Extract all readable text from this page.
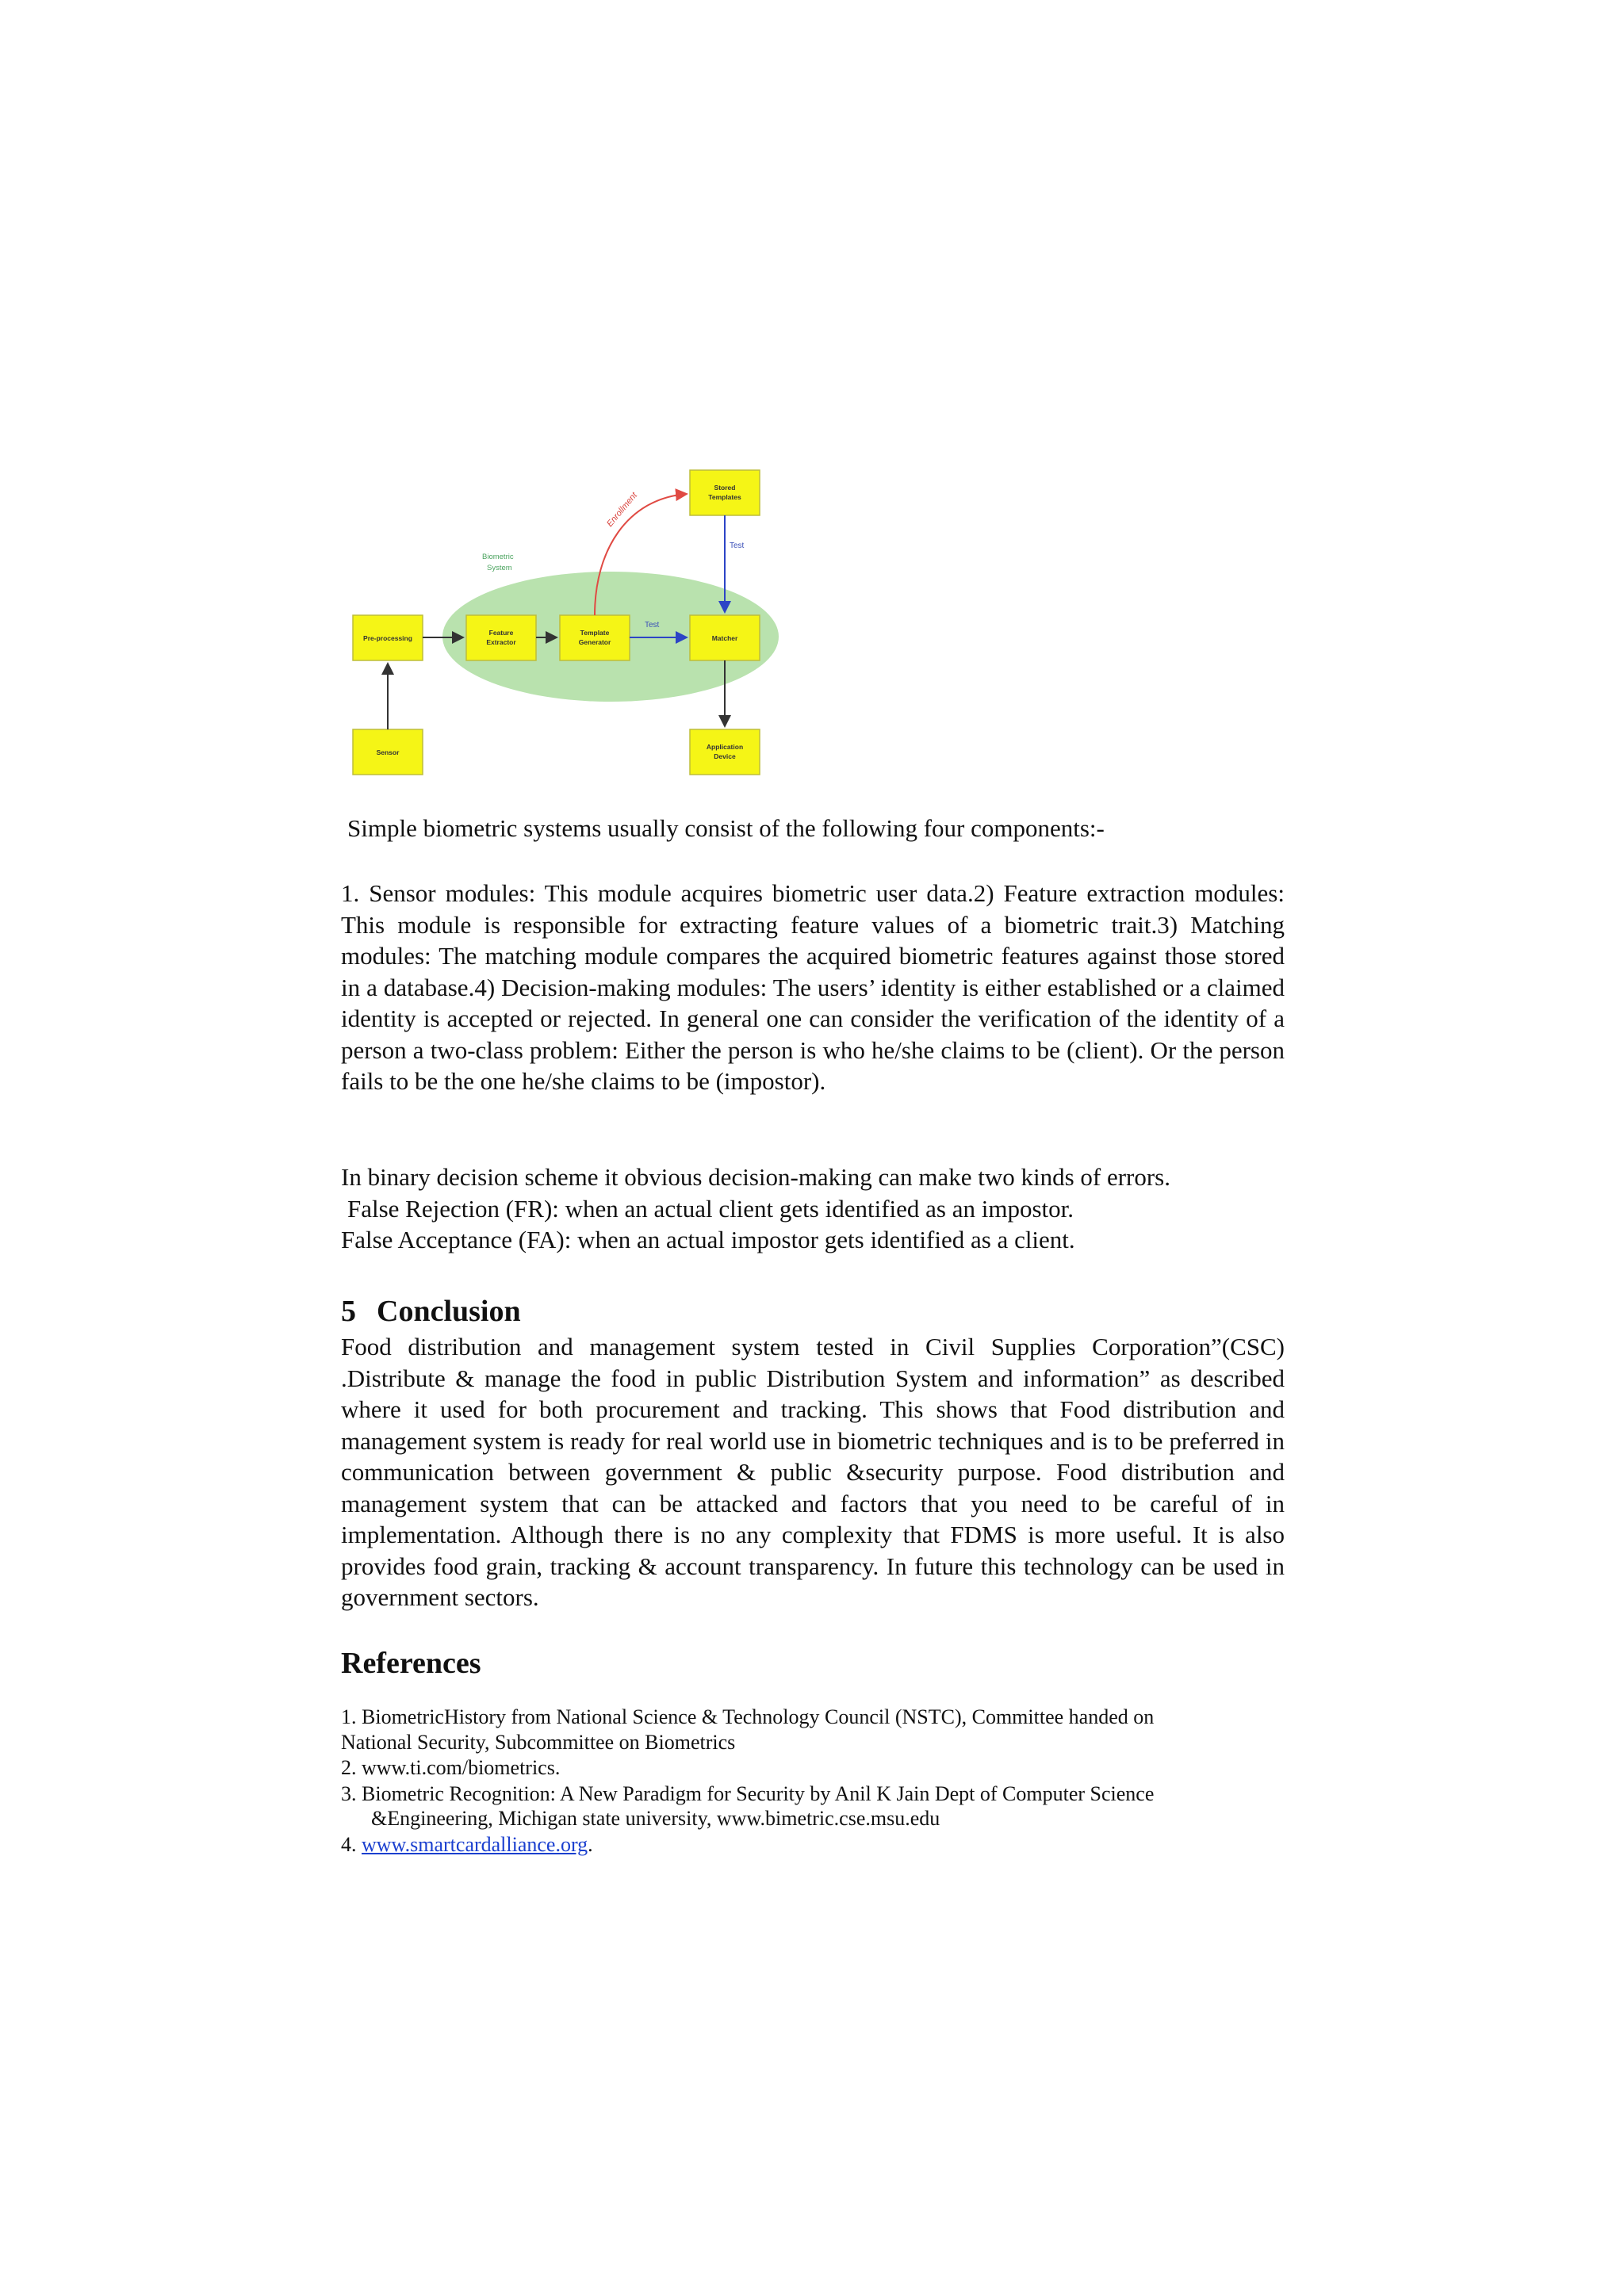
Biometric
System
Pre-processing
Feature
Extractor
Template
Generator	Matcher
Stored
Templates
Sensor
Application
Device
Test
Test
Enrollment
Simple biometric systems usually consist of the following four components:-
1. Sensor modules: This module acquires biometric user data.2) Feature extraction modules: This module is responsible for extracting feature values of a biometric trait.3) Matching modules: The matching module compares the acquired biometric features against those stored in a database.4) Decision-making modules: The users’ identity is either established or a claimed identity is accepted or rejected. In general one can consider the verification of the identity of a person a two-class problem: Either the person is who he/she claims to be (client). Or the person fails to be the one he/she claims to be (impostor).

In binary decision scheme it obvious decision-making can make two kinds of errors.

False Rejection (FR): when an actual client gets identified as an impostor.

False Acceptance (FA): when an actual impostor gets identified as a client.

5 Conclusion
Food distribution and management system tested in Civil Supplies Corporation”(CSC) .Distribute & manage the food in public Distribution System and information” as described where it used for both procurement and tracking. This shows that Food distribution and management system is ready for real world use in biometric techniques and is to be preferred in communication between government & public &security purpose. Food distribution and management system that can be attacked and factors that you need to be careful of in implementation. Although there is no any complexity that FDMS is more useful. It is also provides food grain, tracking & account transparency. In future this technology can be used in government sectors.
References
1. BiometricHistory from National Science & Technology Council (NSTC), Committee handed on
National Security, Subcommittee on Biometrics
2. www.ti.com/biometrics.
3. Biometric Recognition: A New Paradigm for Security by Anil K Jain Dept of Computer Science
&Engineering, Michigan state university, www.bimetric.cse.msu.edu
4. www.smartcardalliance.org.
